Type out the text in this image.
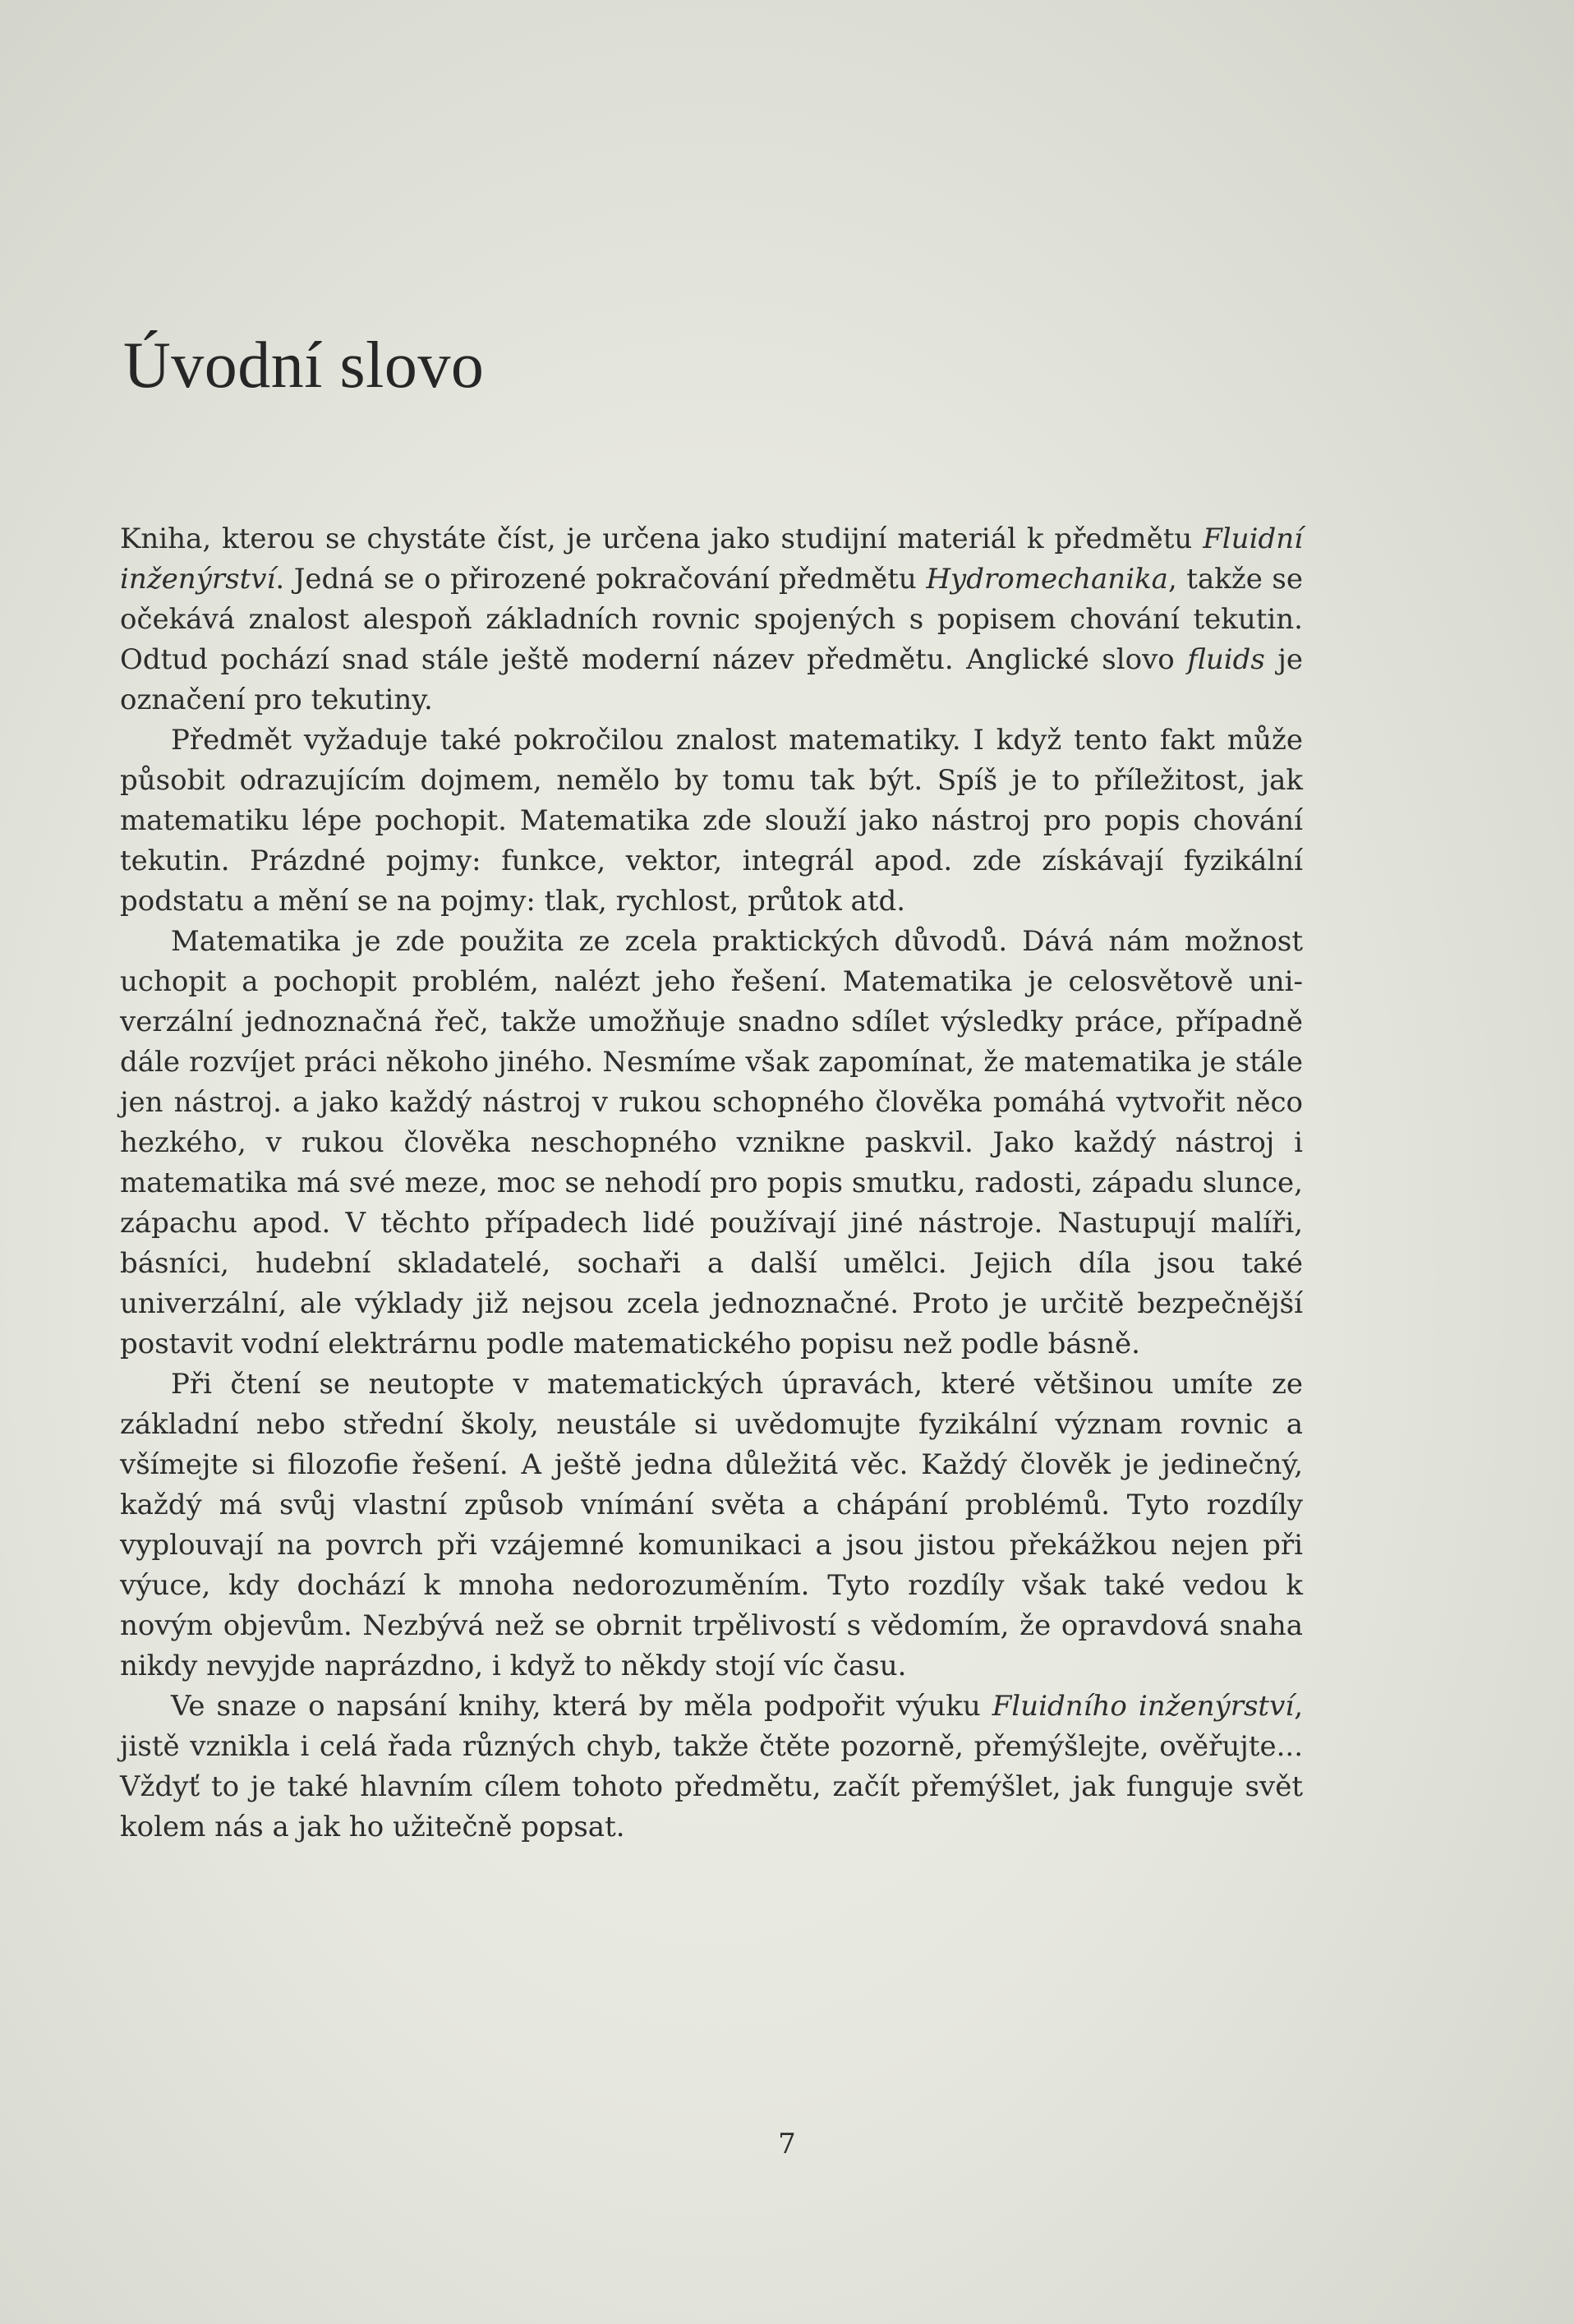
Úvodní slovo

Kniha, kterou se chystáte číst, je určena jako studijní materiál k předmětu Fluidní inženýrství. Jedná se o přirozené pokračování předmětu Hydromechanika, takže se očekává znalost alespoň základních rovnic spojených s popisem chování tekutin. Odtud pochází snad stále ještě moderní název předmětu. Anglické slovo fluids je označení pro tekutiny.

Předmět vyžaduje také pokročilou znalost matematiky. I když tento fakt může působit odrazujícím dojmem, nemělo by tomu tak být. Spíš je to příležitost, jak matematiku lépe pochopit. Matematika zde slouží jako nástroj pro popis chování tekutin. Prázdné pojmy: funkce, vektor, integrál apod. zde získávají fyzikální podstatu a mění se na pojmy: tlak, rychlost, průtok atd.

Matematika je zde použita ze zcela praktických důvodů. Dává nám možnost uchopit a pochopit problém, nalézt jeho řešení. Matematika je celosvětově univerzální jednoznačná řeč, takže umožňuje snadno sdílet výsledky práce, případně dále rozvíjet práci někoho jiného. Nesmíme však zapomínat, že matematika je stále jen nástroj. a jako každý nástroj v rukou schopného člověka pomáhá vytvořit něco hezkého, v rukou člověka neschopného vznikne paskvil. Jako každý nástroj i matematika má své meze, moc se nehodí pro popis smutku, radosti, západu slunce, zápachu apod. V těchto případech lidé používají jiné nástroje. Nastupují malíři, básníci, hudební skladatelé, sochaři a další umělci. Jejich díla jsou také univerzální, ale výklady již nejsou zcela jednoznačné. Proto je určitě bezpečnější postavit vodní elektrárnu podle matematického popisu než podle básně.

Při čtení se neutopte v matematických úpravách, které většinou umíte ze základní nebo střední školy, neustále si uvědomujte fyzikální význam rovnic a všímejte si filozofie řešení. A ještě jedna důležitá věc. Každý člověk je jedinečný, každý má svůj vlastní způsob vnímání světa a chápání problémů. Tyto rozdíly vyplouvají na povrch při vzájemné komunikaci a jsou jistou překážkou nejen při výuce, kdy dochází k mnoha nedorozuměním. Tyto rozdíly však také vedou k novým objevům. Nezbývá než se obrnit trpělivostí s vědomím, že opravdová snaha nikdy nevyjde naprázdno, i když to někdy stojí víc času.

Ve snaze o napsání knihy, která by měla podpořit výuku Fluidního inženýrství, jistě vznikla i celá řada různých chyb, takže čtěte pozorně, přemýšlejte, ověřujte... Vždyť to je také hlavním cílem tohoto předmětu, začít přemýšlet, jak funguje svět kolem nás a jak ho užitečně popsat.

7
